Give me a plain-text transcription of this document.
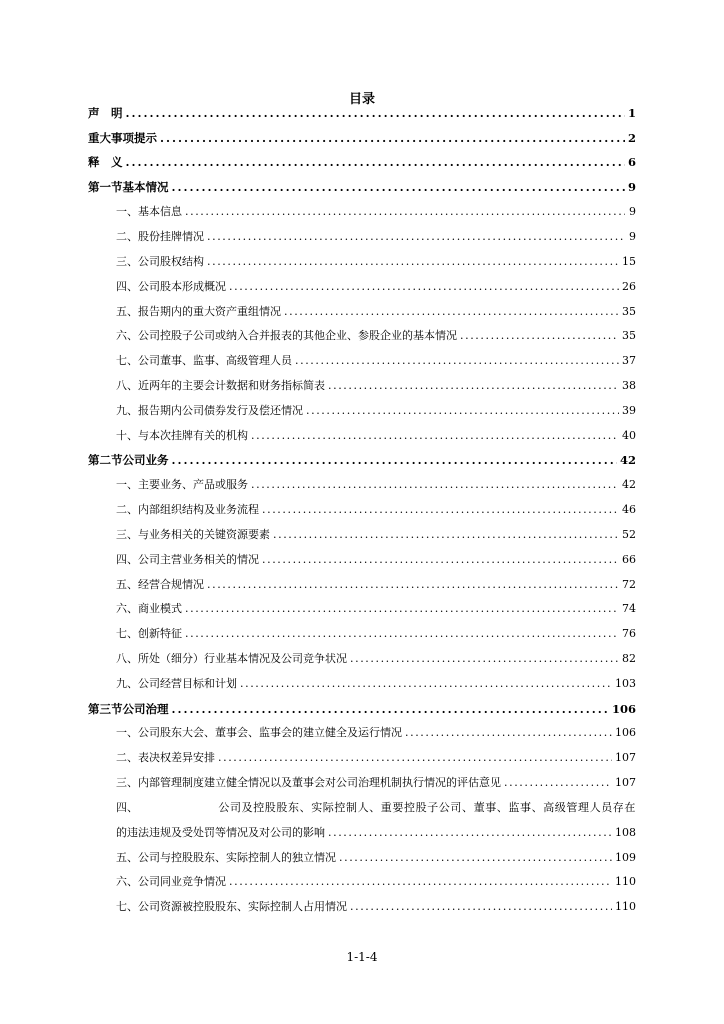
目录
声　明 .....	1
重大事项提示 .....	2
释　义 .....	6
第一节 基本情况 .....	9
一、 基本信息 .....	9
二、 股份挂牌情况 .....	9
三、 公司股权结构 .....	15
四、 公司股本形成概况 .....	26
五、 报告期内的重大资产重组情况 .....	35
六、 公司控股子公司或纳入合并报表的其他企业、参股企业的基本情况 .....	35
七、 公司董事、监事、高级管理人员 .....	37
八、 近两年的主要会计数据和财务指标简表 .....	38
九、 报告期内公司债券发行及偿还情况 .....	39
十、 与本次挂牌有关的机构 .....	40
第二节 公司业务 .....	42
一、 主要业务、产品或服务 .....	42
二、 内部组织结构及业务流程 .....	46
三、 与业务相关的关键资源要素 .....	52
四、 公司主营业务相关的情况 .....	66
五、 经营合规情况 .....	72
六、 商业模式 .....	74
七、 创新特征 .....	76
八、 所处（细分）行业基本情况及公司竞争状况 .....	82
九、 公司经营目标和计划 .....	103
第三节 公司治理 .....	106
一、 公司股东大会、董事会、监事会的建立健全及运行情况 .....	106
二、 表决权差异安排 .....	107
三、 内部管理制度建立健全情况以及董事会对公司治理机制执行情况的评估意见 .....	107
四、	公司及控股股东、实际控制人、重要控股子公司、董事、监事、高级管理人员存在
的违法违规及受处罚等情况及对公司的影响 .....	108
五、 公司与控股股东、实际控制人的独立情况 .....	109
六、 公司同业竞争情况 .....	110
七、 公司资源被控股股东、实际控制人占用情况 .....	110
1-1-4
